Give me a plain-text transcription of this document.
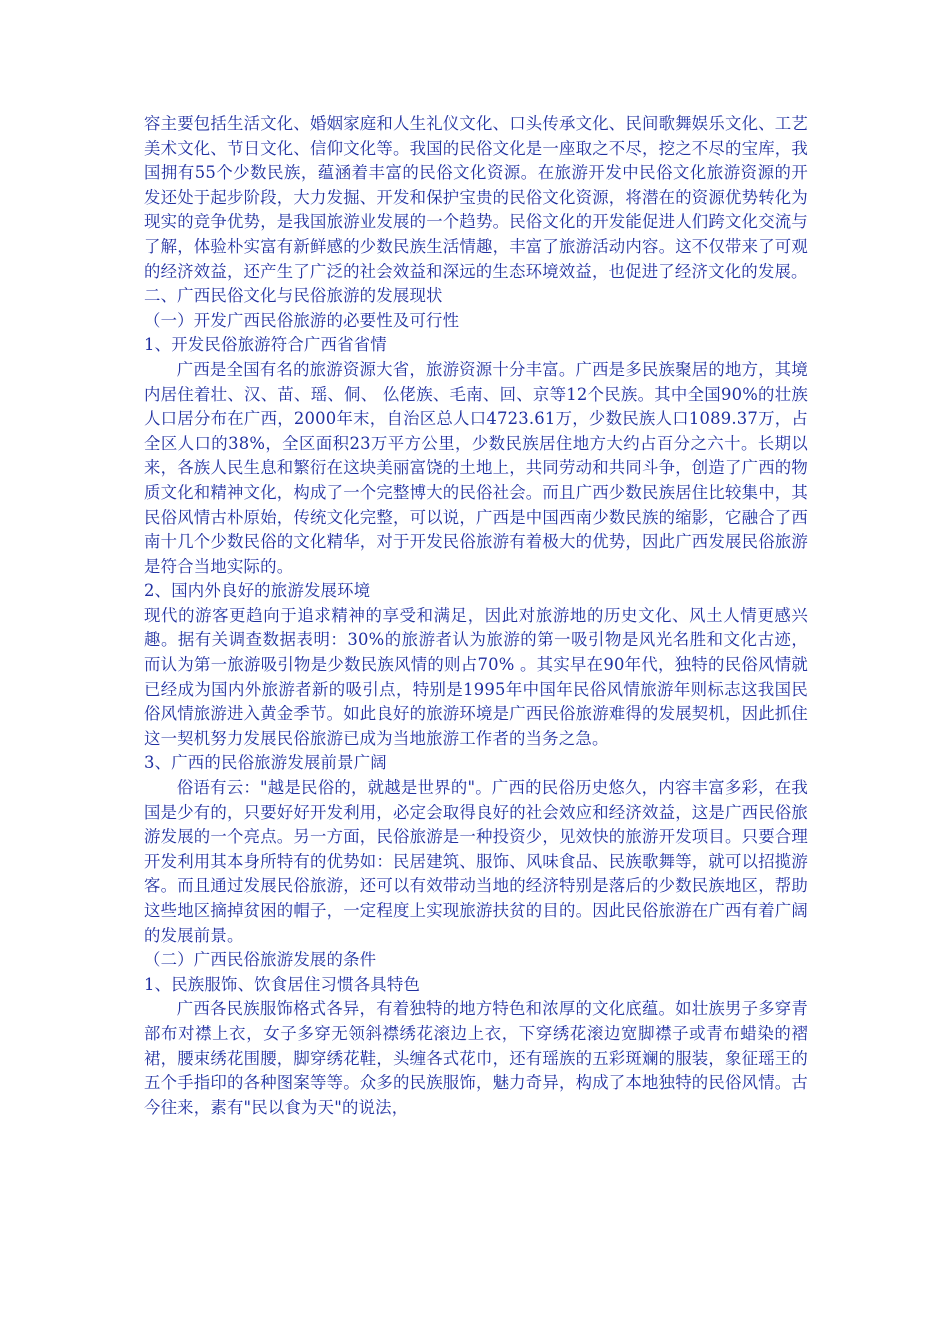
容主要包括生活文化、婚姻家庭和人生礼仪文化、口头传承文化、民间歌舞娱乐文化、工艺美术文化、节日文化、信仰文化等。我国的民俗文化是一座取之不尽，挖之不尽的宝库，我国拥有55个少数民族，蕴涵着丰富的民俗文化资源。在旅游开发中民俗文化旅游资源的开发还处于起步阶段，大力发掘、开发和保护宝贵的民俗文化资源，将潜在的资源优势转化为现实的竞争优势，是我国旅游业发展的一个趋势。民俗文化的开发能促进人们跨文化交流与了解，体验朴实富有新鲜感的少数民族生活情趣，丰富了旅游活动内容。这不仅带来了可观的经济效益，还产生了广泛的社会效益和深远的生态环境效益，也促进了经济文化的发展。

二、广西民俗文化与民俗旅游的发展现状

（一）开发广西民俗旅游的必要性及可行性

1、开发民俗旅游符合广西省省情

广西是全国有名的旅游资源大省，旅游资源十分丰富。广西是多民族聚居的地方，其境内居住着壮、汉、苗、瑶、侗、 仫佬族、毛南、回、京等12个民族。其中全国90%的壮族人口居分布在广西，2000年末，自治区总人口4723.61万，少数民族人口1089.37万，占全区人口的38%，全区面积23万平方公里，少数民族居住地方大约占百分之六十。长期以来，各族人民生息和繁衍在这块美丽富饶的土地上，共同劳动和共同斗争，创造了广西的物质文化和精神文化，构成了一个完整博大的民俗社会。而且广西少数民族居住比较集中，其民俗风情古朴原始，传统文化完整，可以说，广西是中国西南少数民族的缩影，它融合了西南十几个少数民俗的文化精华，对于开发民俗旅游有着极大的优势，因此广西发展民俗旅游是符合当地实际的。

2、国内外良好的旅游发展环境

现代的游客更趋向于追求精神的享受和满足，因此对旅游地的历史文化、风土人情更感兴趣。据有关调查数据表明：30%的旅游者认为旅游的第一吸引物是风光名胜和文化古迹，而认为第一旅游吸引物是少数民族风情的则占70% 。其实早在90年代，独特的民俗风情就已经成为国内外旅游者新的吸引点，特别是1995年中国年民俗风情旅游年则标志这我国民俗风情旅游进入黄金季节。如此良好的旅游环境是广西民俗旅游难得的发展契机，因此抓住这一契机努力发展民俗旅游已成为当地旅游工作者的当务之急。

3、广西的民俗旅游发展前景广阔

俗语有云："越是民俗的，就越是世界的"。广西的民俗历史悠久，内容丰富多彩，在我国是少有的，只要好好开发利用，必定会取得良好的社会效应和经济效益，这是广西民俗旅游发展的一个亮点。另一方面，民俗旅游是一种投资少，见效快的旅游开发项目。只要合理开发利用其本身所特有的优势如：民居建筑、服饰、风味食品、民族歌舞等，就可以招揽游客。而且通过发展民俗旅游，还可以有效带动当地的经济特别是落后的少数民族地区，帮助这些地区摘掉贫困的帽子，一定程度上实现旅游扶贫的目的。因此民俗旅游在广西有着广阔的发展前景。

（二）广西民俗旅游发展的条件

1、民族服饰、饮食居住习惯各具特色

广西各民族服饰格式各异，有着独特的地方特色和浓厚的文化底蕴。如壮族男子多穿青部布对襟上衣，女子多穿无领斜襟绣花滚边上衣，下穿绣花滚边宽脚襟子或青布蜡染的褶裙，腰束绣花围腰，脚穿绣花鞋，头缠各式花巾，还有瑶族的五彩斑斓的服装，象征瑶王的五个手指印的各种图案等等。众多的民族服饰，魅力奇异，构成了本地独特的民俗风情。古今往来，素有"民以食为天"的说法，
